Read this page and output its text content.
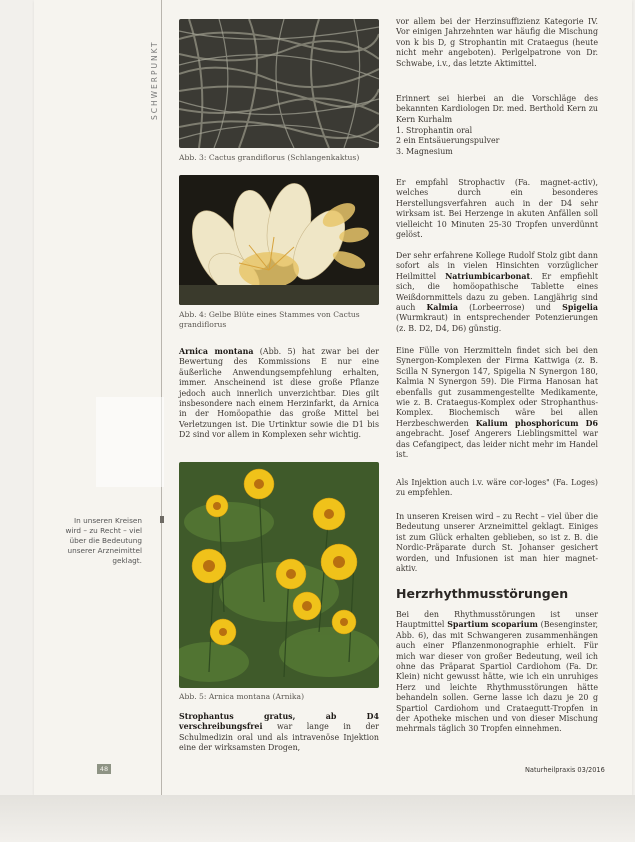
SCHWERPUNKT
Abb. 3: Cactus grandiflorus (Schlangenkaktus)
Abb. 4: Gelbe Blüte eines Stammes von Cactus grandiflorus
Arnica montana (Abb. 5) hat zwar bei der Bewertung des Kommissions E nur eine äußerliche Anwendungsempfehlung erhalten, immer. Anscheinend ist diese große Pflanze jedoch auch innerlich unverzichtbar. Dies gilt insbesondere nach einem Herzinfarkt, da Arnica in der Homöopathie das große Mittel bei Verletzungen ist. Die Urtinktur sowie die D1 bis D2 sind vor allem in Komplexen sehr wichtig.
Abb. 5: Arnica montana (Arnika)
Strophantus gratus, ab D4 verschreibungsfrei war lange in der Schulmedizin oral und als intravenöse Injektion eine der wirksamsten Drogen,
vor allem bei der Herzinsuffizienz Kategorie IV. Vor einigen Jahrzehnten war häufig die Mischung von k bis D, g Strophantin mit Crataegus (heute nicht mehr angeboten). Perlgelpatrone von Dr. Schwabe, i.v., das letzte Aktimittel.
Erinnert sei hierbei an die Vorschläge des bekannten Kardiologen Dr. med. Berthold Kern zu Kern Kurhalm
1. Strophantin oral
2 ein Entsäuerungspulver
3. Magnesium
Er empfahl Strophactiv (Fa. magnet-activ), welches durch ein besonderes Herstellungsverfahren auch in der D4 sehr wirksam ist. Bei Herzenge in akuten Anfällen soll vielleicht 10 Minuten 25-30 Tropfen unverdünnt gelöst.
Der sehr erfahrene Kollege Rudolf Stolz gibt dann sofort als in vielen Hinsichten vorzüglicher Heilmittel Natriumbicarbonat. Er empfiehlt sich, die homöopathische Tablette eines Weißdornmittels dazu zu geben. Langjährig sind auch Kalmia (Lorbeerrose) und Spigelia (Wurmkraut) in entsprechender Potenzierungen (z. B. D2, D4, D6) günstig.
Eine Fülle von Herzmitteln findet sich bei den Synergon-Komplexen der Firma Kattwiga (z. B. Scilla N Synergon 147, Spigelia N Synergon 180, Kalmia N Synergon 59). Die Firma Hanosan hat ebenfalls gut zusammengestellte Medikamente, wie z. B. Crataegus-Komplex oder Strophanthus-Komplex. Biochemisch wäre bei allen Herzbeschwerden Kalium phosphoricum D6 angebracht. Josef Angerers Lieblingsmittel war das Cefangipect, das leider nicht mehr im Handel ist.
Als Injektion auch i.v. wäre cor-loges" (Fa. Loges) zu empfehlen.
In unseren Kreisen wird – zu Recht – viel über die Bedeutung unserer Arzneimittel geklagt. Einiges ist zum Glück erhalten geblieben, so ist z. B. die Nordic-Präparate durch St. Johanser gesichert worden, und Infusionen ist man hier magnet-aktiv.
Herzrhythmusstörungen
Bei den Rhythmusstörungen ist unser Hauptmittel Spartium scoparium (Besenginster, Abb. 6), das mit Schwangeren zusammenhängen auch einer Pflanzenmonographie erhielt. Für mich war dieser von großer Bedeutung, weil ich ohne das Präparat Spartiol Cardiohom (Fa. Dr. Klein) nicht gewusst hätte, wie ich ein unruhiges Herz und leichte Rhythmusstörungen hätte behandeln sollen. Gerne lasse ich dazu je 20 g Spartiol Cardiohom und Crataegutt-Tropfen in der Apotheke mischen und von dieser Mischung mehrmals täglich 30 Tropfen einnehmen.
In unseren Kreisen wird – zu Recht – viel über die Bedeutung unserer Arzneimittel geklagt.
48	Naturheilpraxis 03/2016
